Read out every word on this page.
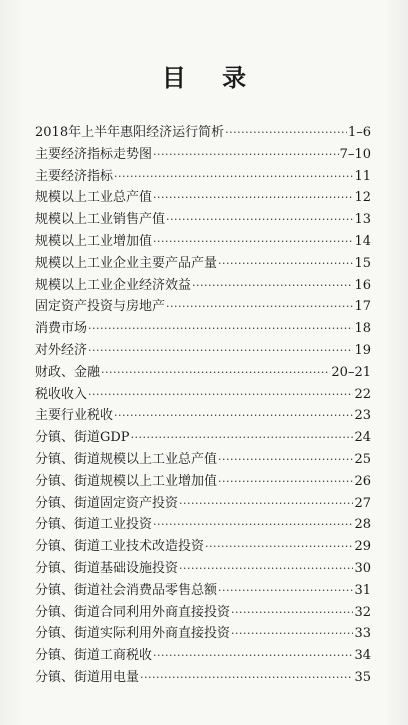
目 录
2018年上半年惠阳经济运行简析 ·····	1–6
主要经济指标走势图 ·····	7–10
主要经济指标 ·····	11
规模以上工业总产值 ·····	12
规模以上工业销售产值 ·····	13
规模以上工业增加值 ·····	14
规模以上工业企业主要产品产量 ·····	15
规模以上工业企业经济效益 ·····	16
固定资产投资与房地产 ·····	17
消费市场 ·····	18
对外经济 ·····	19
财政、金融 ·····	20–21
税收收入 ·····	22
主要行业税收 ·····	23
分镇、街道GDP ·····	24
分镇、街道规模以上工业总产值 ·····	25
分镇、街道规模以上工业增加值 ·····	26
分镇、街道固定资产投资 ·····	27
分镇、街道工业投资 ·····	28
分镇、街道工业技术改造投资 ·····	29
分镇、街道基础设施投资 ·····	30
分镇、街道社会消费品零售总额 ·····	31
分镇、街道合同利用外商直接投资 ·····	32
分镇、街道实际利用外商直接投资 ·····	33
分镇、街道工商税收 ·····	34
分镇、街道用电量 ·····	35
